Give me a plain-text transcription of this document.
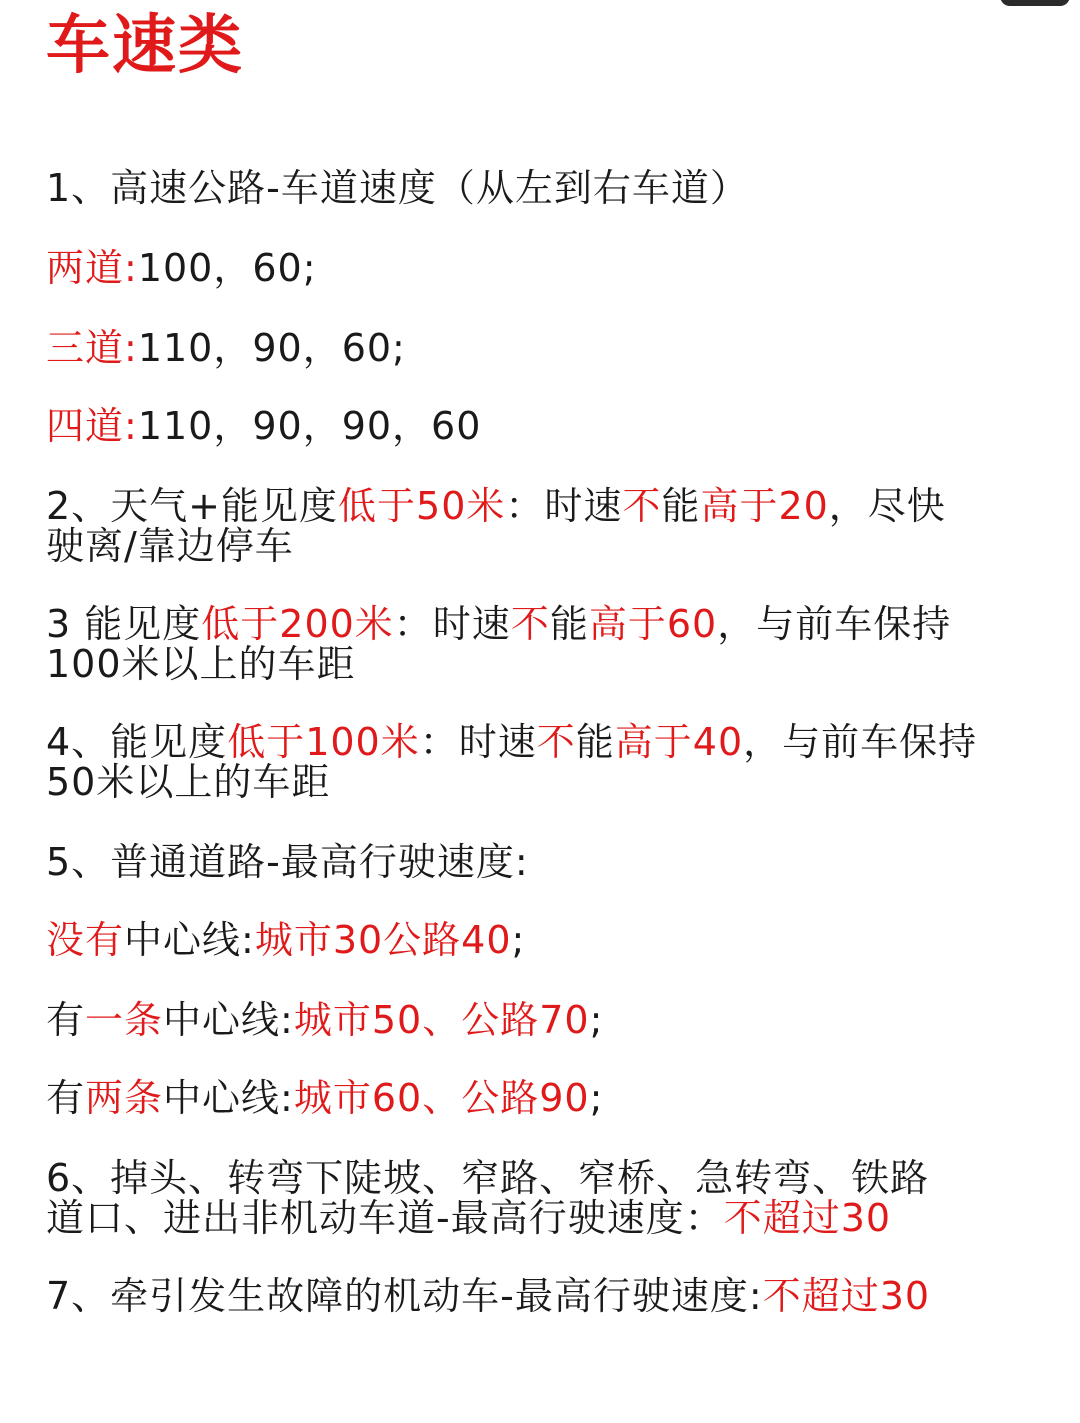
车速类
1、高速公路-车道速度（从左到右车道）
两道:100，60;
三道:110，90，60;
四道:110，90，90，60
2、天气+能见度低于50米：时速不能高于20，尽快
驶离/靠边停车
3 能见度低于200米：时速不能高于60，与前车保持
100米以上的车距
4、能见度低于100米：时速不能高于40，与前车保持
50米以上的车距
5、普通道路-最高行驶速度:
没有中心线:城市30公路40;
有一条中心线:城市50、公路70;
有两条中心线:城市60、公路90;
6、掉头、转弯下陡坡、窄路、窄桥、急转弯、铁路
道口、进出非机动车道-最高行驶速度：不超过30
7、牵引发生故障的机动车-最高行驶速度:不超过30
